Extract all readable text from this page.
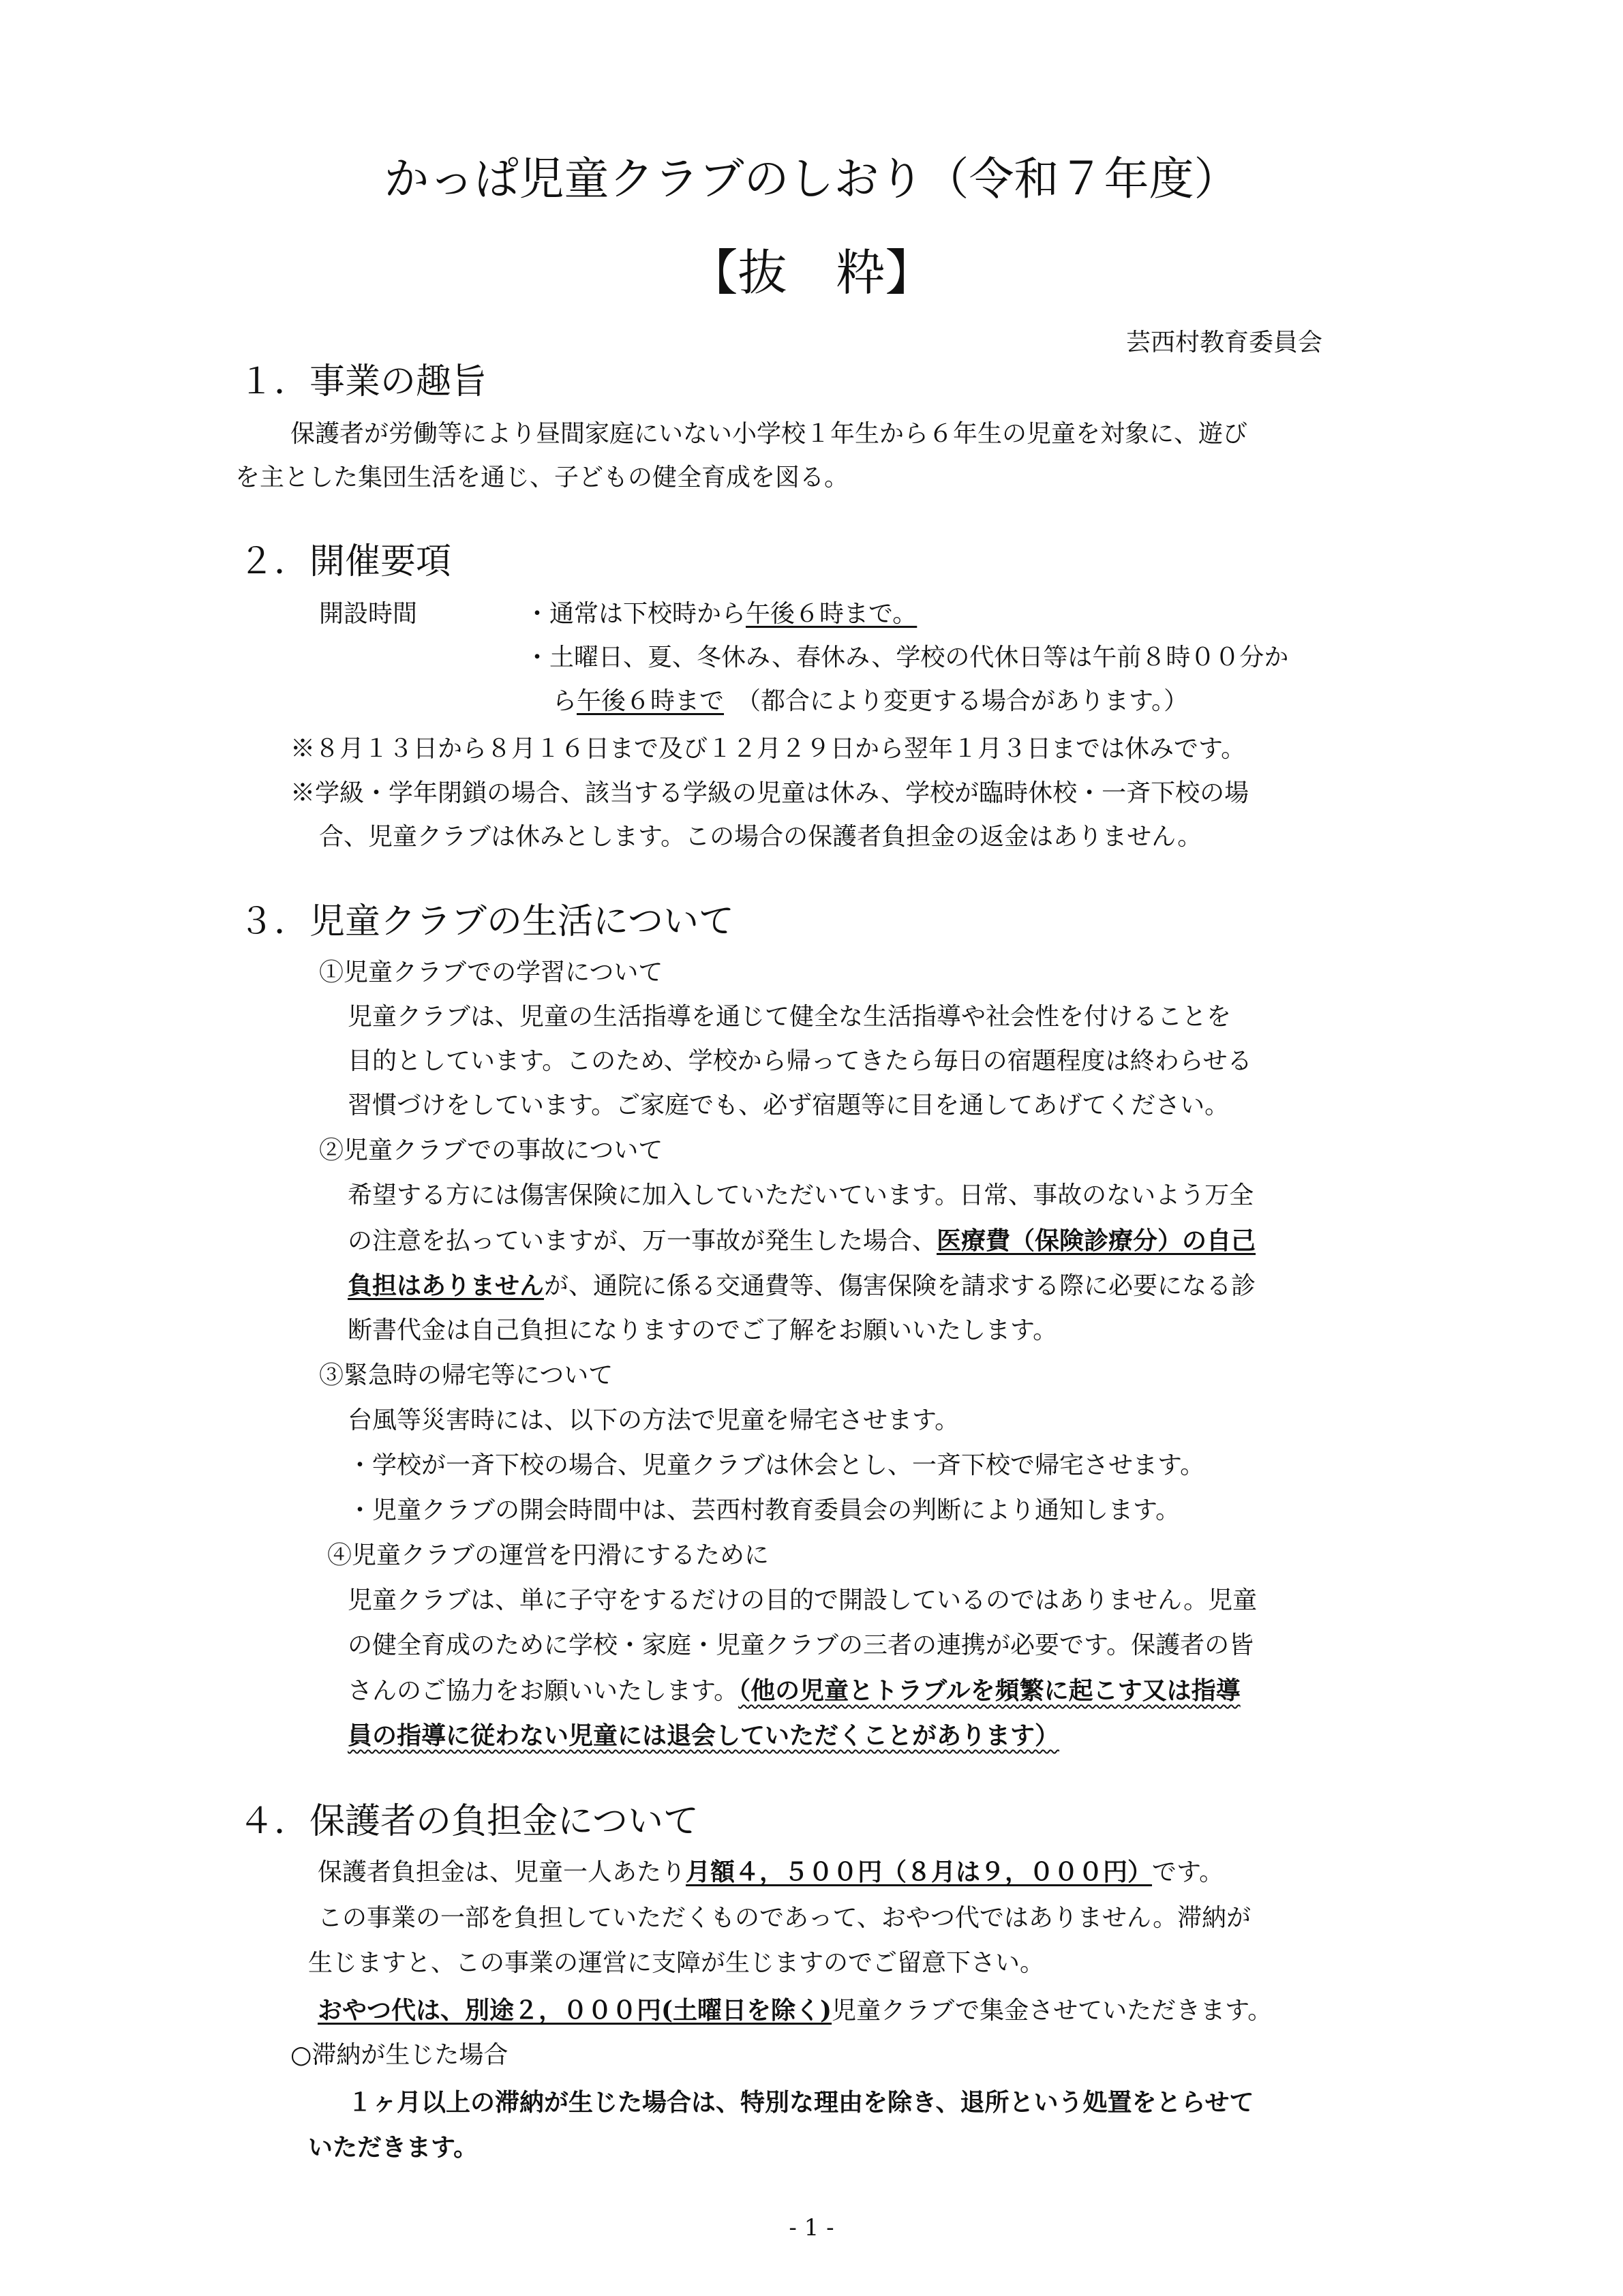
かっぱ児童クラブのしおり（令和７年度）
【抜　粋】
芸西村教育委員会
１．事業の趣旨
保護者が労働等により昼間家庭にいない小学校１年生から６年生の児童を対象に、遊び
を主とした集団生活を通じ、子どもの健全育成を図る。
２．開催要項
開設時間	・通常は下校時から午後６時まで。
・土曜日、夏、冬休み、春休み、学校の代休日等は午前８時００分か
ら午後６時まで　（都合により変更する場合があります。）
※８月１３日から８月１６日まで及び１２月２９日から翌年１月３日までは休みです。
※学級・学年閉鎖の場合、該当する学級の児童は休み、学校が臨時休校・一斉下校の場
合、児童クラブは休みとします。この場合の保護者負担金の返金はありません。
３．児童クラブの生活について
①児童クラブでの学習について
児童クラブは、児童の生活指導を通じて健全な生活指導や社会性を付けることを
目的としています。このため、学校から帰ってきたら毎日の宿題程度は終わらせる
習慣づけをしています。ご家庭でも、必ず宿題等に目を通してあげてください。
②児童クラブでの事故について
希望する方には傷害保険に加入していただいています。日常、事故のないよう万全
の注意を払っていますが、万一事故が発生した場合、医療費（保険診療分）の自己
負担はありませんが、通院に係る交通費等、傷害保険を請求する際に必要になる診
断書代金は自己負担になりますのでご了解をお願いいたします。
③緊急時の帰宅等について
台風等災害時には、以下の方法で児童を帰宅させます。
・学校が一斉下校の場合、児童クラブは休会とし、一斉下校で帰宅させます。
・児童クラブの開会時間中は、芸西村教育委員会の判断により通知します。
④児童クラブの運営を円滑にするために
児童クラブは、単に子守をするだけの目的で開設しているのではありません。児童
の健全育成のために学校・家庭・児童クラブの三者の連携が必要です。保護者の皆
さんのご協力をお願いいたします。（他の児童とトラブルを頻繁に起こす又は指導
員の指導に従わない児童には退会していただくことがあります）
４．保護者の負担金について
保護者負担金は、児童一人あたり月額４，５００円（８月は９，０００円）です。
この事業の一部を負担していただくものであって、おやつ代ではありません。滞納が
生じますと、この事業の運営に支障が生じますのでご留意下さい。
おやつ代は、別途２，０００円(土曜日を除く)児童クラブで集金させていただきます。
○滞納が生じた場合
１ヶ月以上の滞納が生じた場合は、特別な理由を除き、退所という処置をとらせて
いただきます。
- 1 -
